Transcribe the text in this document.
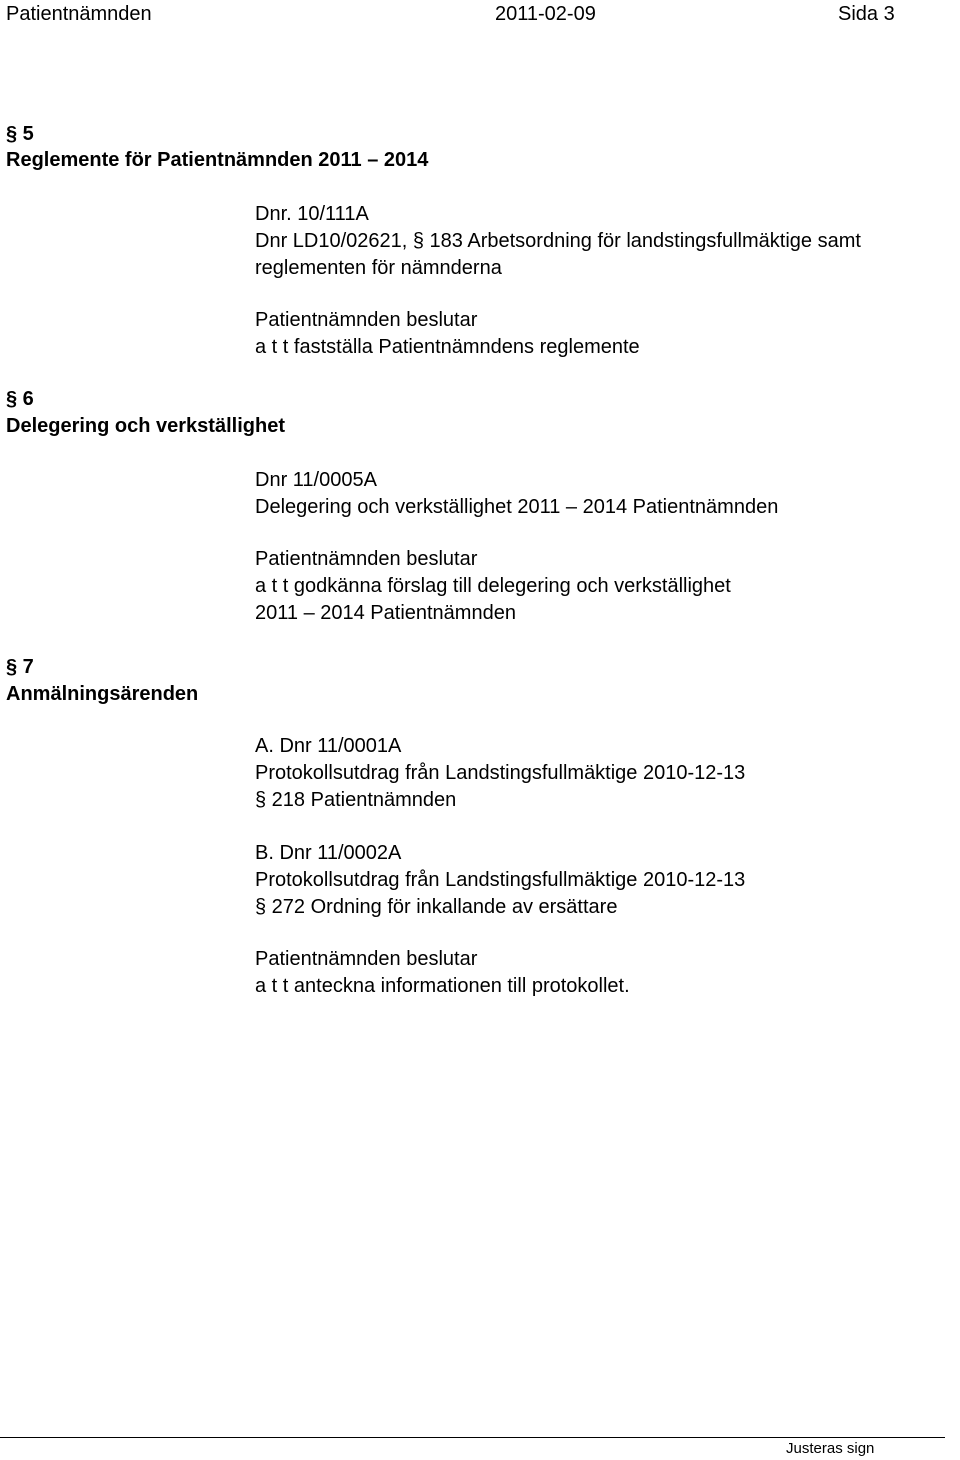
Patientnämnden	2011-02-09	Sida 3
§ 5
Reglemente för Patientnämnden 2011 – 2014
Dnr. 10/111A
Dnr LD10/02621, § 183 Arbetsordning för landstingsfullmäktige samt
reglementen för nämnderna
Patientnämnden beslutar
a t t fastställa Patientnämndens reglemente
§ 6
Delegering och verkställighet
Dnr 11/0005A
Delegering och verkställighet 2011 – 2014 Patientnämnden
Patientnämnden beslutar
a t t godkänna förslag till delegering och verkställighet
2011 – 2014 Patientnämnden
§ 7
Anmälningsärenden
A. Dnr 11/0001A
Protokollsutdrag från Landstingsfullmäktige 2010-12-13
§ 218 Patientnämnden
B. Dnr 11/0002A
Protokollsutdrag från Landstingsfullmäktige 2010-12-13
§ 272 Ordning för inkallande av ersättare
Patientnämnden beslutar
a t t anteckna informationen till protokollet.
Justeras sign
